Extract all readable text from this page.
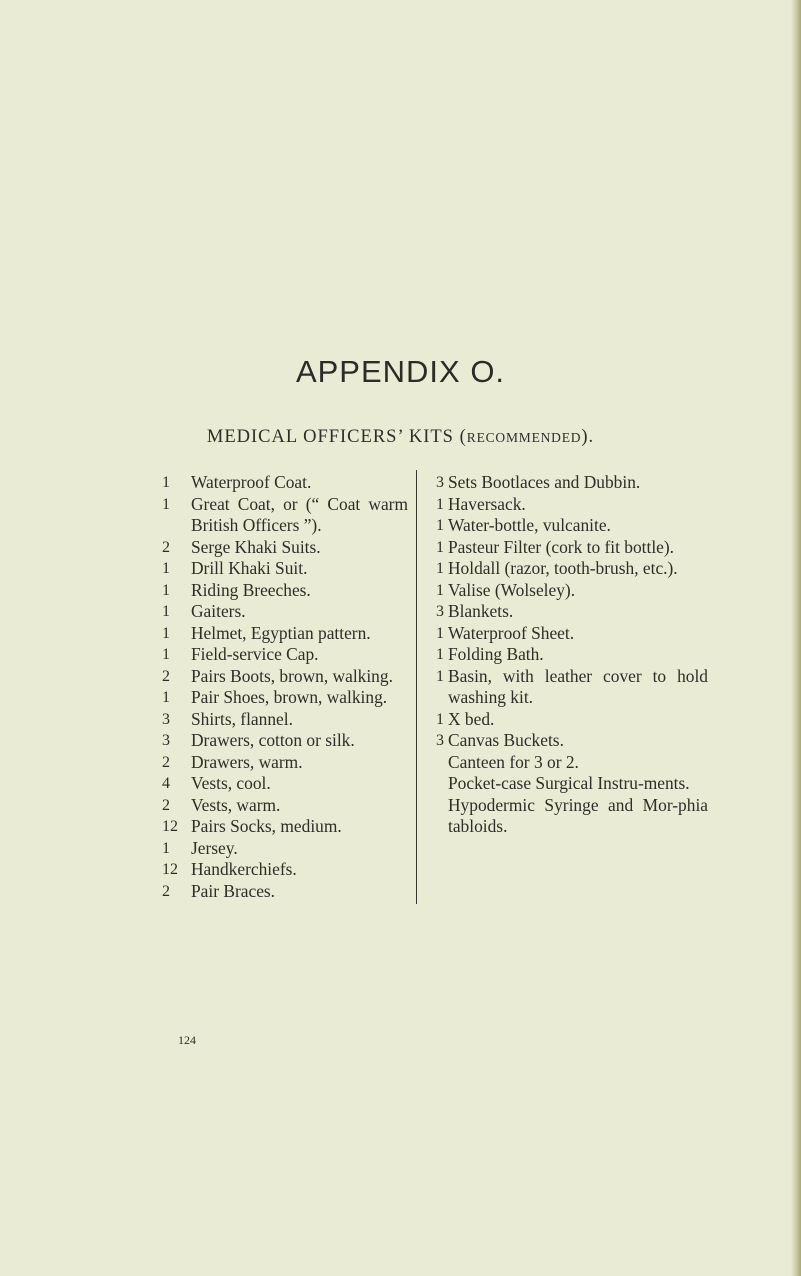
APPENDIX O.
MEDICAL OFFICERS’ KITS (RECOMMENDED).
1	Waterproof Coat.
1	Great Coat, or (“ Coat warm British Officers ”).
2	Serge Khaki Suits.
1	Drill Khaki Suit.
1	Riding Breeches.
1	Gaiters.
1	Helmet, Egyptian pattern.
1	Field-service Cap.
2	Pairs Boots, brown, walking.
1	Pair Shoes, brown, walking.
3	Shirts, flannel.
3	Drawers, cotton or silk.
2	Drawers, warm.
4	Vests, cool.
2	Vests, warm.
12 Pairs Socks, medium.
1	Jersey.
12 Handkerchiefs.
2	Pair Braces.
3 Sets Bootlaces and Dubbin.
1 Haversack.
1 Water-bottle, vulcanite.
1 Pasteur Filter (cork to fit bottle).
1 Holdall (razor, tooth-brush, etc.).
1 Valise (Wolseley).
3 Blankets.
1 Waterproof Sheet.
1 Folding Bath.
1 Basin, with leather cover to hold washing kit.
1 X bed.
3 Canvas Buckets.
Canteen for 3 or 2.
Pocket-case Surgical Instru-ments.
Hypodermic Syringe and Mor-phia tabloids.

124
